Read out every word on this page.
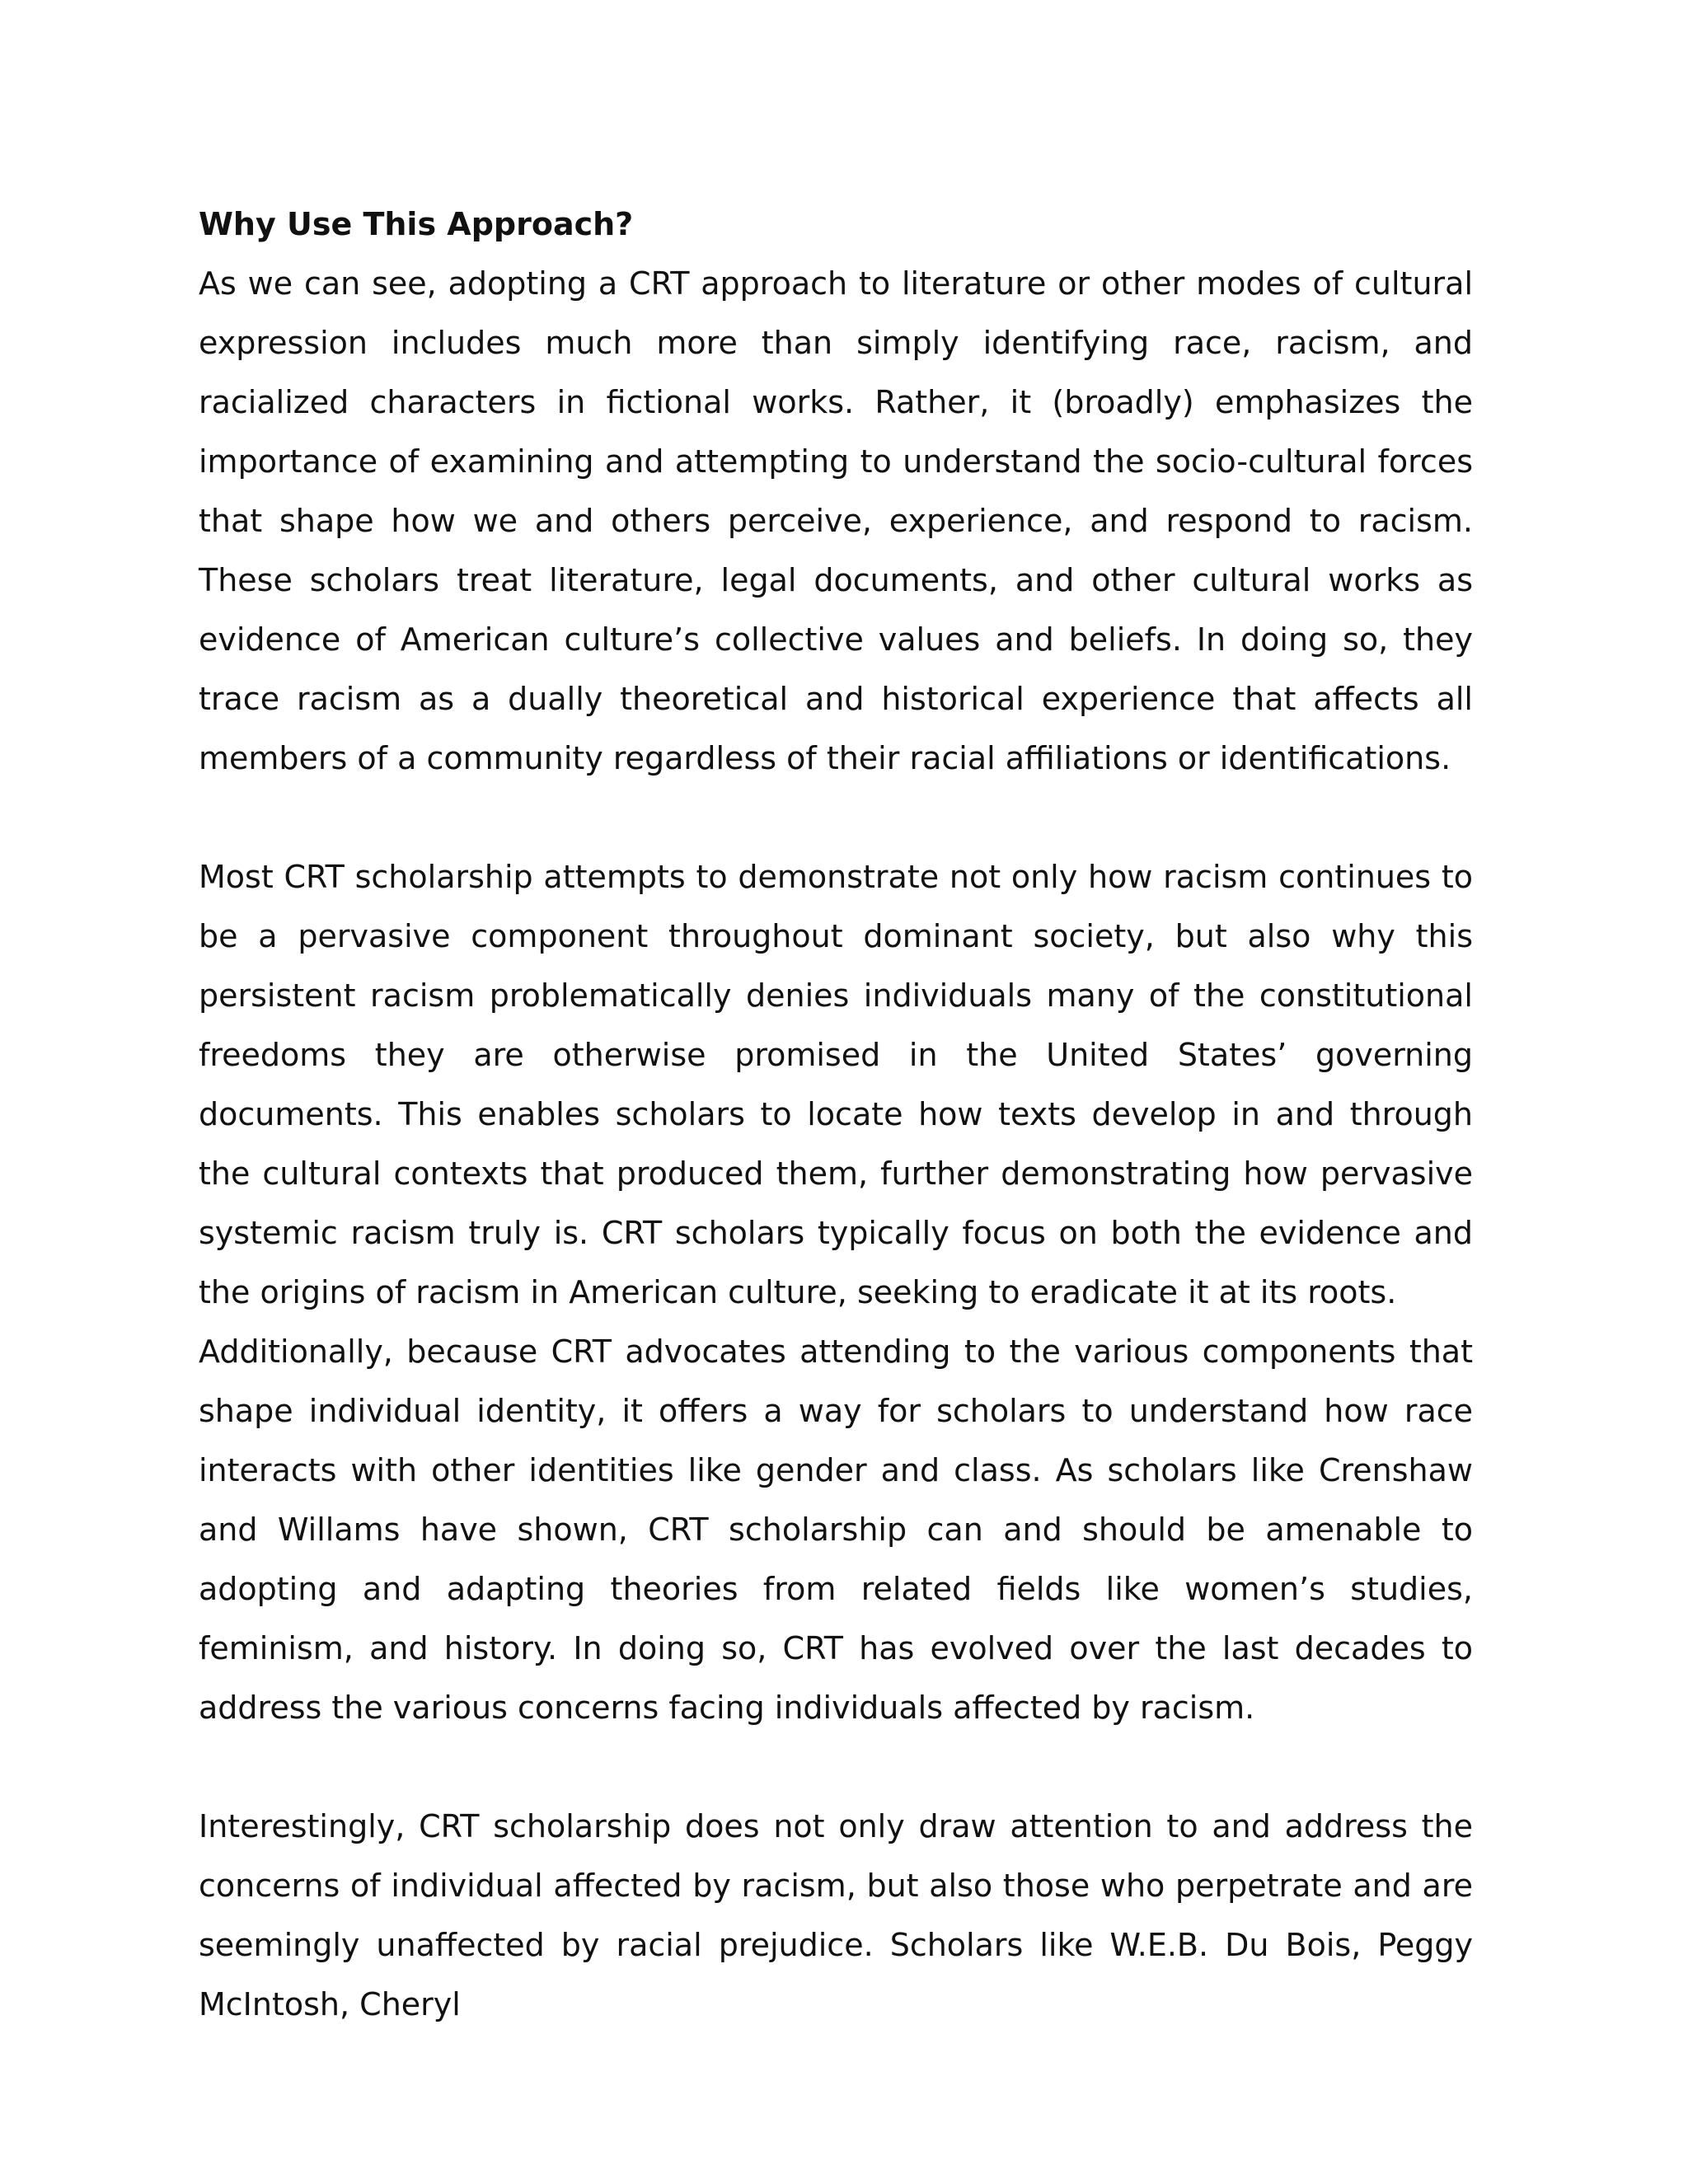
Why Use This Approach?

As we can see, adopting a CRT approach to literature or other modes of cultural expression includes much more than simply identifying race, racism, and racialized characters in fictional works. Rather, it (broadly) emphasizes the importance of examining and attempting to understand the socio-cultural forces that shape how we and others perceive, experience, and respond to racism. These scholars treat literature, legal documents, and other cultural works as evidence of American culture’s collective values and beliefs. In doing so, they trace racism as a dually theoretical and historical experience that affects all members of a community regardless of their racial affiliations or identifications.

Most CRT scholarship attempts to demonstrate not only how racism continues to be a pervasive component throughout dominant society, but also why this persistent racism problematically denies individuals many of the constitutional freedoms they are otherwise promised in the United States’ governing documents. This enables scholars to locate how texts develop in and through the cultural contexts that produced them, further demonstrating how pervasive systemic racism truly is. CRT scholars typically focus on both the evidence and the origins of racism in American culture, seeking to eradicate it at its roots.

Additionally, because CRT advocates attending to the various components that shape individual identity, it offers a way for scholars to understand how race interacts with other identities like gender and class. As scholars like Crenshaw and Willams have shown, CRT scholarship can and should be amenable to adopting and adapting theories from related fields like women’s studies, feminism, and history. In doing so, CRT has evolved over the last decades to address the various concerns facing individuals affected by racism.

Interestingly, CRT scholarship does not only draw attention to and address the concerns of individual affected by racism, but also those who perpetrate and are seemingly unaffected by racial prejudice. Scholars like W.E.B. Du Bois, Peggy McIntosh, Cheryl
